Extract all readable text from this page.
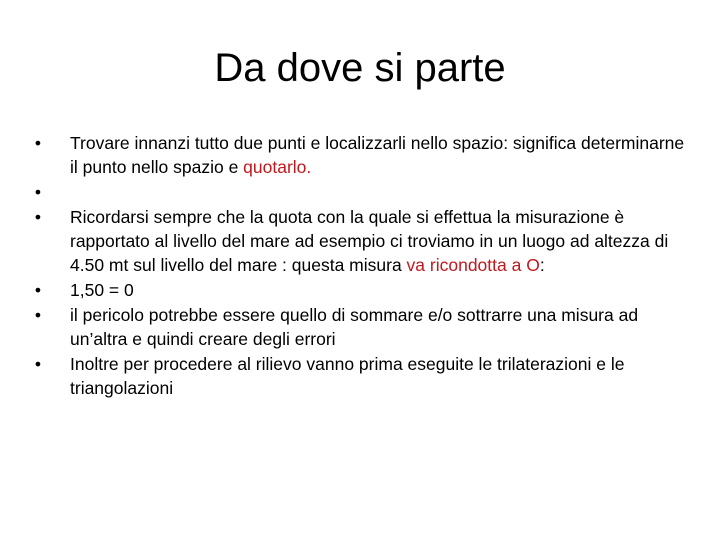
Da dove si parte
• Trovare innanzi tutto due punti e localizzarli nello spazio: significa determinarne il punto nello spazio e quotarlo.
•

• Ricordarsi sempre che la quota con la quale si effettua la misurazione è rapportato al livello del mare ad esempio ci troviamo in un luogo ad altezza di 4.50 mt sul livello del mare : questa misura va ricondotta a O:
• 1,50 = 0
• il pericolo potrebbe essere quello di sommare e/o sottrarre una misura ad un’altra e quindi creare degli errori
• Inoltre per procedere al rilievo vanno prima eseguite le trilaterazioni e le triangolazioni
